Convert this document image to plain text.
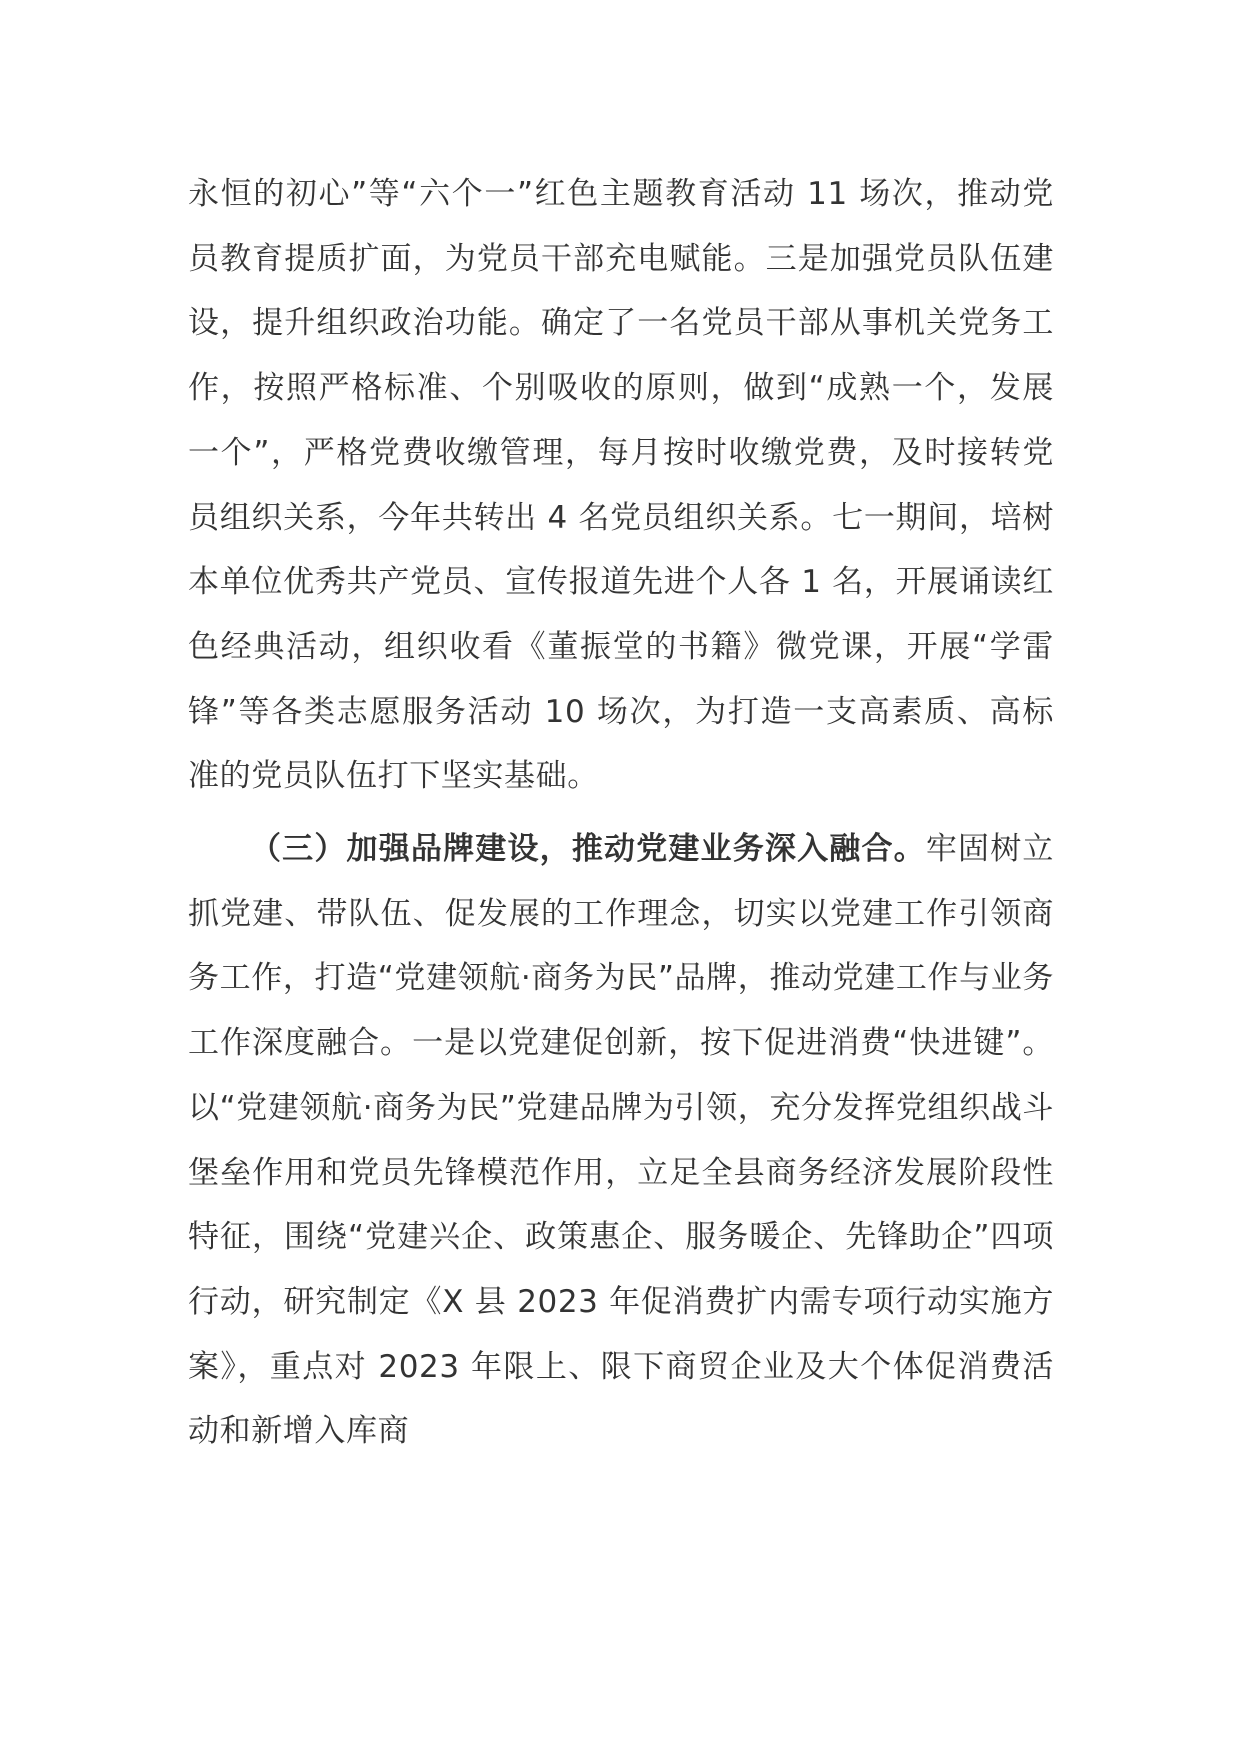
永恒的初心”等“六个一”红色主题教育活动 11 场次，推动党员教育提质扩面，为党员干部充电赋能。三是加强党员队伍建设，提升组织政治功能。确定了一名党员干部从事机关党务工作，按照严格标准、个别吸收的原则，做到“成熟一个，发展一个”，严格党费收缴管理，每月按时收缴党费，及时接转党员组织关系，今年共转出 4 名党员组织关系。七一期间，培树本单位优秀共产党员、宣传报道先进个人各 1 名，开展诵读红色经典活动，组织收看《董振堂的书籍》微党课，开展“学雷锋”等各类志愿服务活动 10 场次，为打造一支高素质、高标准的党员队伍打下坚实基础。

（三）加强品牌建设，推动党建业务深入融合。牢固树立抓党建、带队伍、促发展的工作理念，切实以党建工作引领商务工作，打造“党建领航·商务为民”品牌，推动党建工作与业务工作深度融合。一是以党建促创新，按下促进消费“快进键”。以“党建领航·商务为民”党建品牌为引领，充分发挥党组织战斗堡垒作用和党员先锋模范作用，立足全县商务经济发展阶段性特征，围绕“党建兴企、政策惠企、服务暖企、先锋助企”四项行动，研究制定《X 县 2023 年促消费扩内需专项行动实施方案》，重点对 2023 年限上、限下商贸企业及大个体促消费活动和新增入库商
